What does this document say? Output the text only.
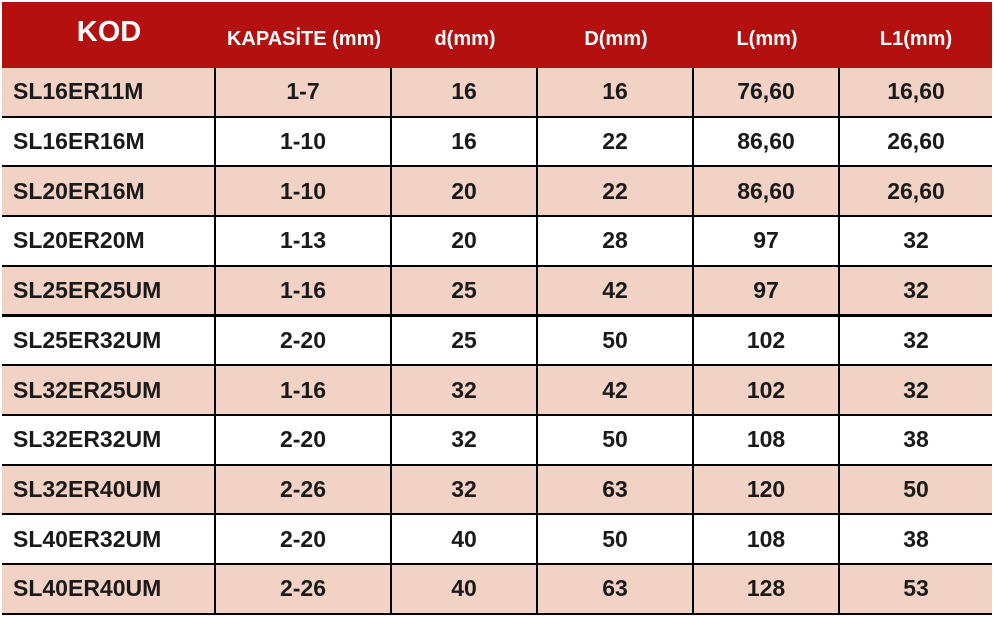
KOD	KAPASİTE (mm)	d(mm)	D(mm)	L(mm)	L1(mm)
SL16ER11M	1-7	16	16	76,60	16,60
SL16ER16M	1-10	16	22	86,60	26,60
SL20ER16M	1-10	20	22	86,60	26,60
SL20ER20M	1-13	20	28	97	32
SL25ER25UM	1-16	25	42	97	32
SL25ER32UM	2-20	25	50	102	32
SL32ER25UM	1-16	32	42	102	32
SL32ER32UM	2-20	32	50	108	38
SL32ER40UM	2-26	32	63	120	50
SL40ER32UM	2-20	40	50	108	38
SL40ER40UM	2-26	40	63	128	53
